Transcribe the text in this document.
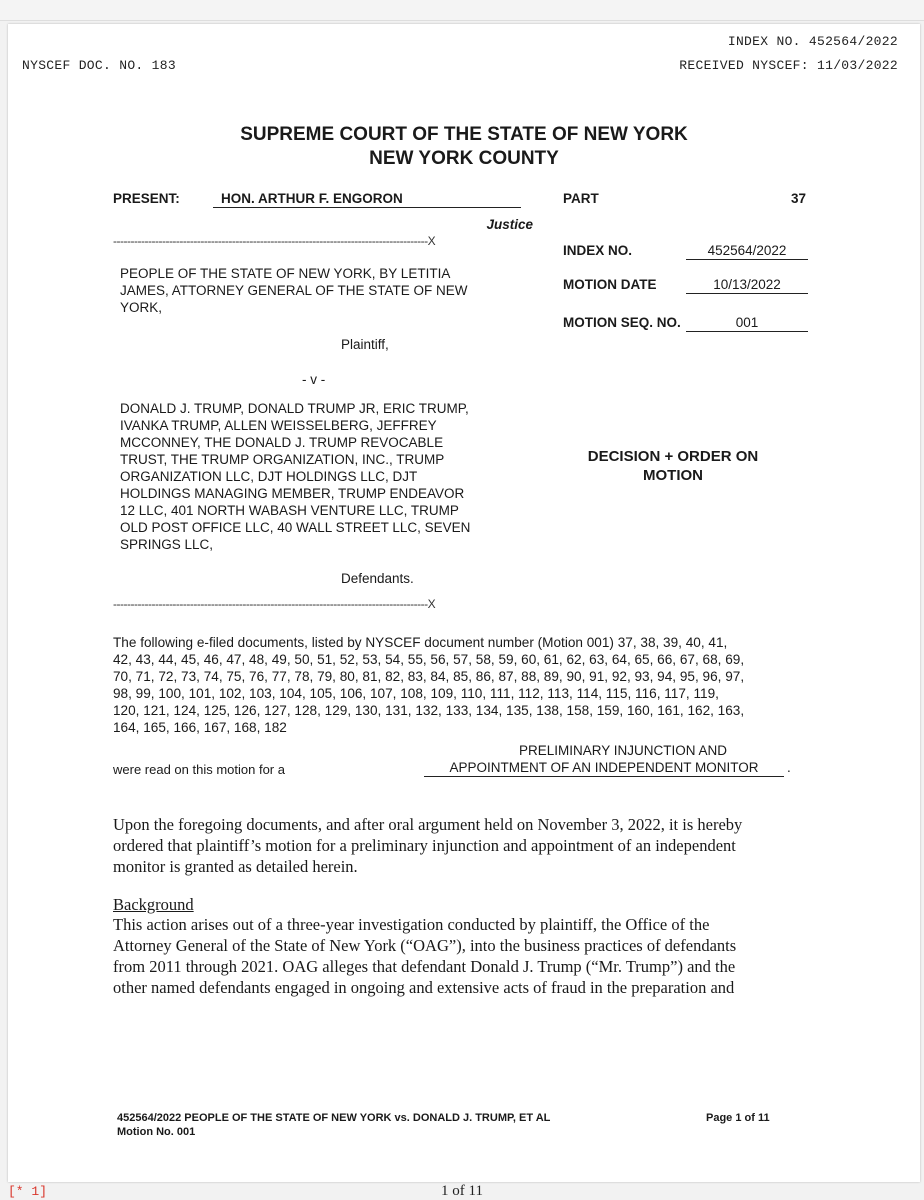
INDEX NO. 452564/2022
NYSCEF DOC. NO. 183	RECEIVED NYSCEF: 11/03/2022
SUPREME COURT OF THE STATE OF NEW YORK
NEW YORK COUNTY
PRESENT:	HON. ARTHUR F. ENGORON
Justice
PART	37
------------------------------------------------------------------------------------------X
INDEX NO.	452564/2022
MOTION DATE	10/13/2022
MOTION SEQ. NO.	001
PEOPLE OF THE STATE OF NEW YORK, BY LETITIA
JAMES, ATTORNEY GENERAL OF THE STATE OF NEW
YORK,
Plaintiff,
- v -
DONALD J. TRUMP, DONALD TRUMP JR, ERIC TRUMP,
IVANKA TRUMP, ALLEN WEISSELBERG, JEFFREY
MCCONNEY, THE DONALD J. TRUMP REVOCABLE
TRUST, THE TRUMP ORGANIZATION, INC., TRUMP
ORGANIZATION LLC, DJT HOLDINGS LLC, DJT
HOLDINGS MANAGING MEMBER, TRUMP ENDEAVOR
12 LLC, 401 NORTH WABASH VENTURE LLC, TRUMP
OLD POST OFFICE LLC, 40 WALL STREET LLC, SEVEN
SPRINGS LLC,
Defendants.
DECISION + ORDER ON
MOTION
------------------------------------------------------------------------------------------X
The following e-filed documents, listed by NYSCEF document number (Motion 001) 37, 38, 39, 40, 41,
42, 43, 44, 45, 46, 47, 48, 49, 50, 51, 52, 53, 54, 55, 56, 57, 58, 59, 60, 61, 62, 63, 64, 65, 66, 67, 68, 69,
70, 71, 72, 73, 74, 75, 76, 77, 78, 79, 80, 81, 82, 83, 84, 85, 86, 87, 88, 89, 90, 91, 92, 93, 94, 95, 96, 97,
98, 99, 100, 101, 102, 103, 104, 105, 106, 107, 108, 109, 110, 111, 112, 113, 114, 115, 116, 117, 119,
120, 121, 124, 125, 126, 127, 128, 129, 130, 131, 132, 133, 134, 135, 138, 158, 159, 160, 161, 162, 163,
164, 165, 166, 167, 168, 182
PRELIMINARY INJUNCTION AND
were read on this motion for a	APPOINTMENT OF AN INDEPENDENT MONITOR	.
Upon the foregoing documents, and after oral argument held on November 3, 2022, it is hereby
ordered that plaintiff’s motion for a preliminary injunction and appointment of an independent
monitor is granted as detailed herein.
Background
This action arises out of a three-year investigation conducted by plaintiff, the Office of the
Attorney General of the State of New York (“OAG”), into the business practices of defendants
from 2011 through 2021. OAG alleges that defendant Donald J. Trump (“Mr. Trump”) and the
other named defendants engaged in ongoing and extensive acts of fraud in the preparation and
452564/2022 PEOPLE OF THE STATE OF NEW YORK vs. DONALD J. TRUMP, ET AL
Motion No. 001
Page 1 of 11
[* 1]	1 of 11
